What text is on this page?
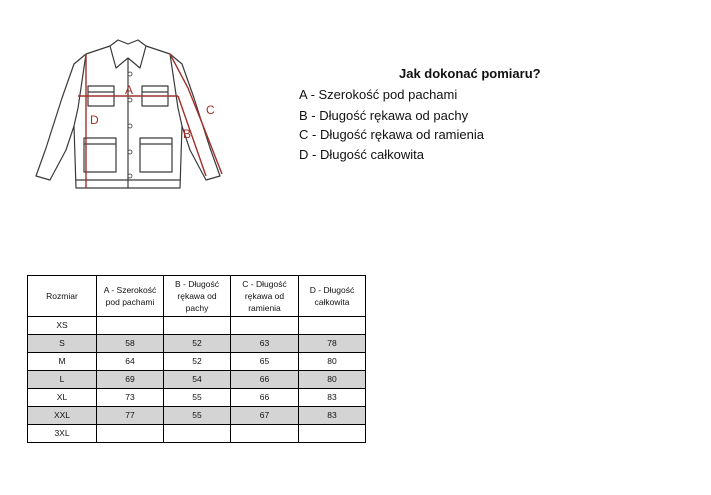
A
B
C
D
Jak dokonać pomiaru?
A - Szerokość pod pachami
B - Długość rękawa od pachy
C - Długość rękawa od ramienia
D - Długość całkowita
Rozmiar	A - Szerokość pod pachami	B - Długość rękawa od pachy	C - Długość rękawa od ramienia	D - Długość całkowita
XS				
S	58	52	63	78
M	64	52	65	80
L	69	54	66	80
XL	73	55	66	83
XXL	77	55	67	83
3XL				
